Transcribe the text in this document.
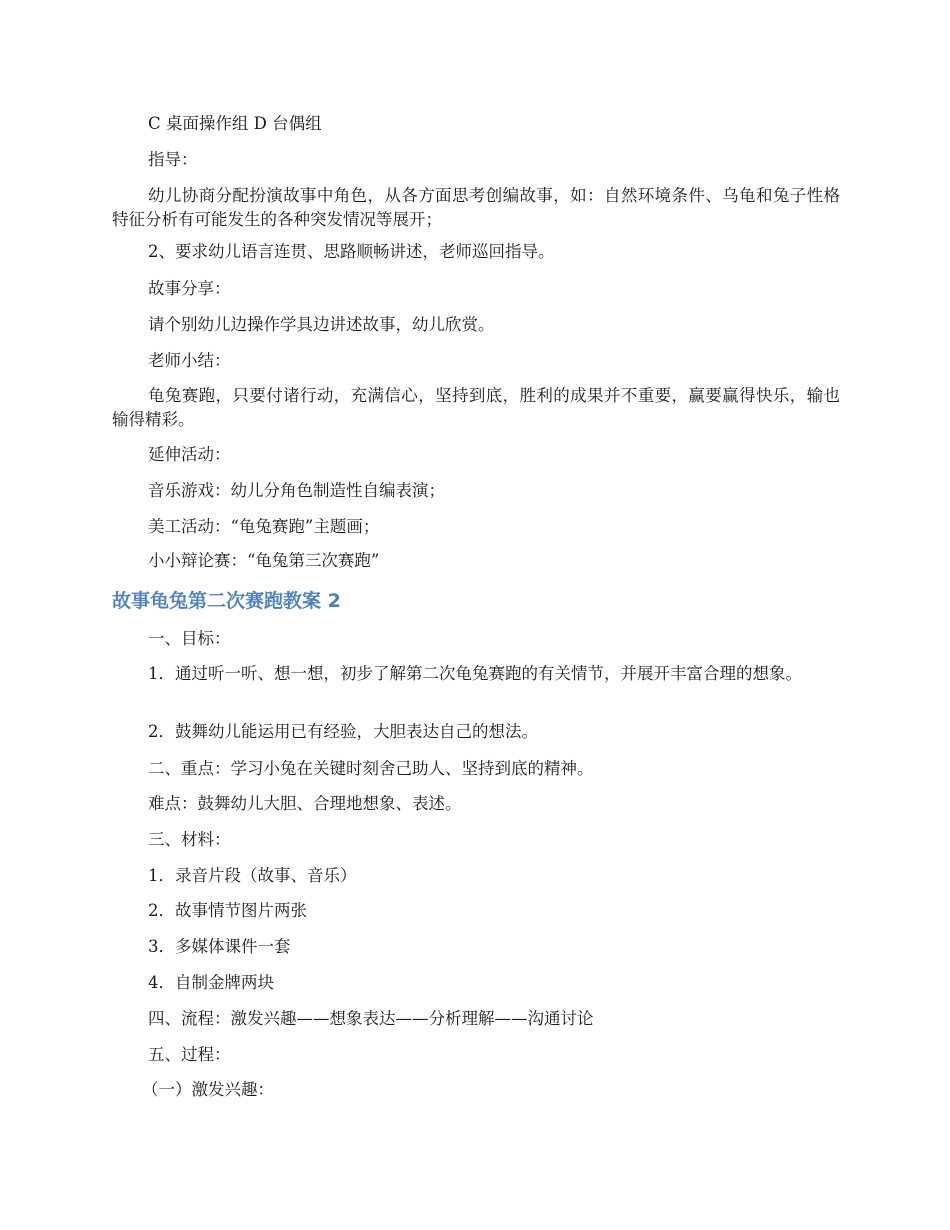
C 桌面操作组 D 台偶组
指导：
幼儿协商分配扮演故事中角色，从各方面思考创编故事，如：自然环境条件、乌龟和兔子性格特征分析有可能发生的各种突发情况等展开；
2、要求幼儿语言连贯、思路顺畅讲述，老师巡回指导。
故事分享：
请个别幼儿边操作学具边讲述故事，幼儿欣赏。
老师小结：
龟兔赛跑，只要付诸行动，充满信心，坚持到底，胜利的成果并不重要，赢要赢得快乐，输也输得精彩。
延伸活动：
音乐游戏：幼儿分角色制造性自编表演；
美工活动：“龟兔赛跑”主题画；
小小辩论赛：“龟兔第三次赛跑”
故事龟兔第二次赛跑教案 2
一、目标：
1．通过听一听、想一想，初步了解第二次龟兔赛跑的有关情节，并展开丰富合理的想象。
2．鼓舞幼儿能运用已有经验，大胆表达自己的想法。
二、重点：学习小兔在关键时刻舍己助人、坚持到底的精神。
难点：鼓舞幼儿大胆、合理地想象、表述。
三、材料：
1．录音片段（故事、音乐）
2．故事情节图片两张
3．多媒体课件一套
4．自制金牌两块
四、流程：激发兴趣——想象表达——分析理解——沟通讨论
五、过程：
（一）激发兴趣：
